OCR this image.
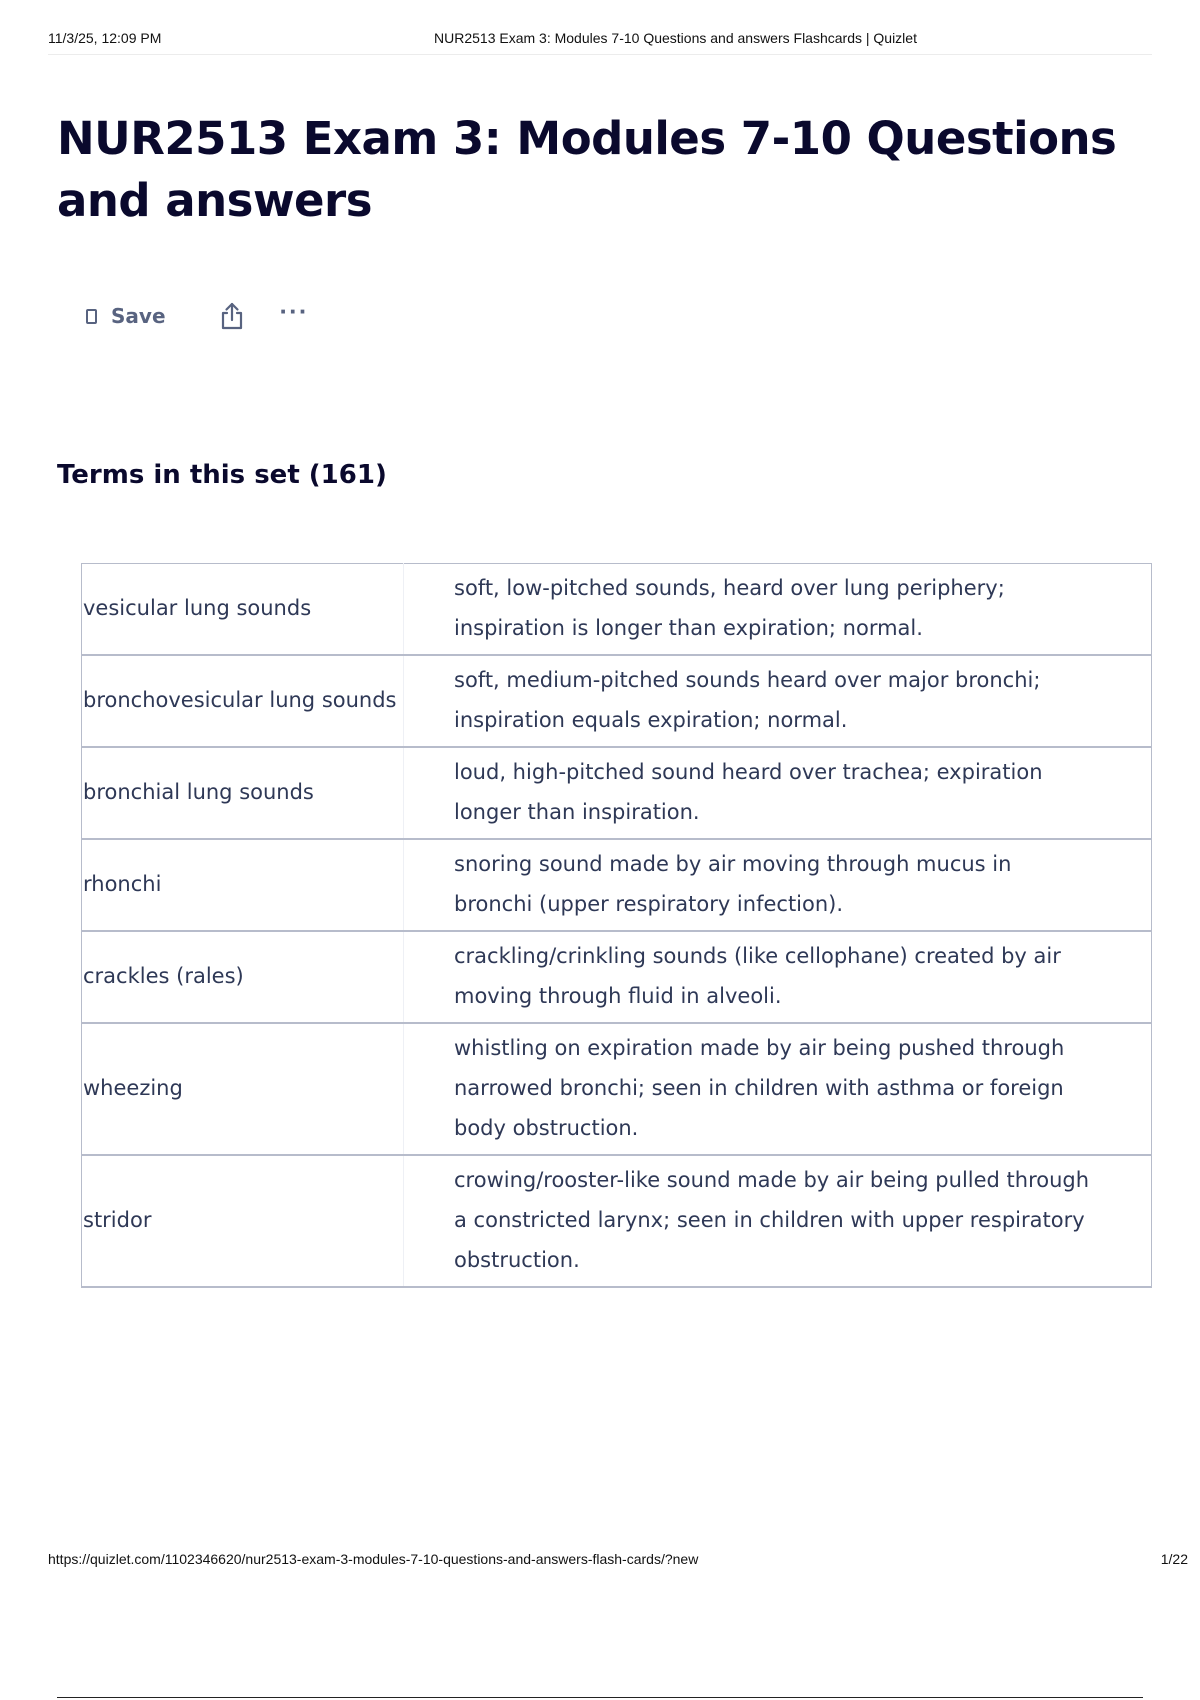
11/3/25, 12:09 PM	NUR2513 Exam 3: Modules 7-10 Questions and answers Flashcards | Quizlet
NUR2513 Exam 3: Modules 7-10 Questions and answers
Save	···
Terms in this set (161)
vesicular lung sounds	soft, low-pitched sounds, heard over lung periphery; inspiration is longer than expiration; normal.
bronchovesicular lung sounds	soft, medium-pitched sounds heard over major bronchi; inspiration equals expiration; normal.
bronchial lung sounds	loud, high-pitched sound heard over trachea; expiration longer than inspiration.
rhonchi	snoring sound made by air moving through mucus in bronchi (upper respiratory infection).
crackles (rales)	crackling/crinkling sounds (like cellophane) created by air moving through fluid in alveoli.
wheezing	whistling on expiration made by air being pushed through narrowed bronchi; seen in children with asthma or foreign body obstruction.
stridor	crowing/rooster-like sound made by air being pulled through a constricted larynx; seen in children with upper respiratory obstruction.
https://quizlet.com/1102346620/nur2513-exam-3-modules-7-10-questions-and-answers-flash-cards/?new	1/22
